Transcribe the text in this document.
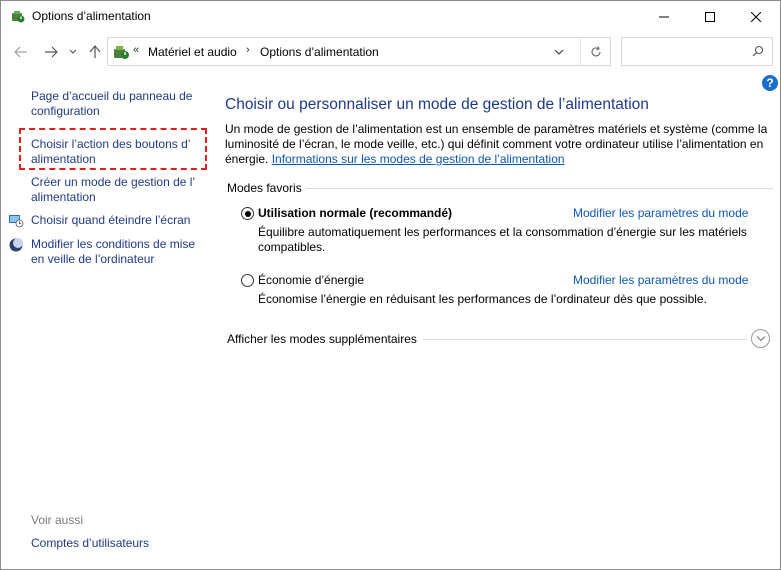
Options d’alimentation
« Matériel et audio › Options d’alimentation
?
Page d’accueil du panneau de configuration
Choisir l’action des boutons d’ alimentation
Créer un mode de gestion de l’ alimentation
Choisir quand éteindre l’écran
Modifier les conditions de mise en veille de l’ordinateur
Voir aussi
Comptes d’utilisateurs
Choisir ou personnaliser un mode de gestion de l’alimentation
Un mode de gestion de l’alimentation est un ensemble de paramètres matériels et système (comme la luminosité de l’écran, le mode veille, etc.) qui définit comment votre ordinateur utilise l’alimentation en énergie. Informations sur les modes de gestion de l’alimentation
Modes favoris
Utilisation normale (recommandé)	Modifier les paramètres du mode
Équilibre automatiquement les performances et la consommation d’énergie sur les matériels compatibles.
Économie d’énergie	Modifier les paramètres du mode
Économise l’énergie en réduisant les performances de l’ordinateur dès que possible.
Afficher les modes supplémentaires
